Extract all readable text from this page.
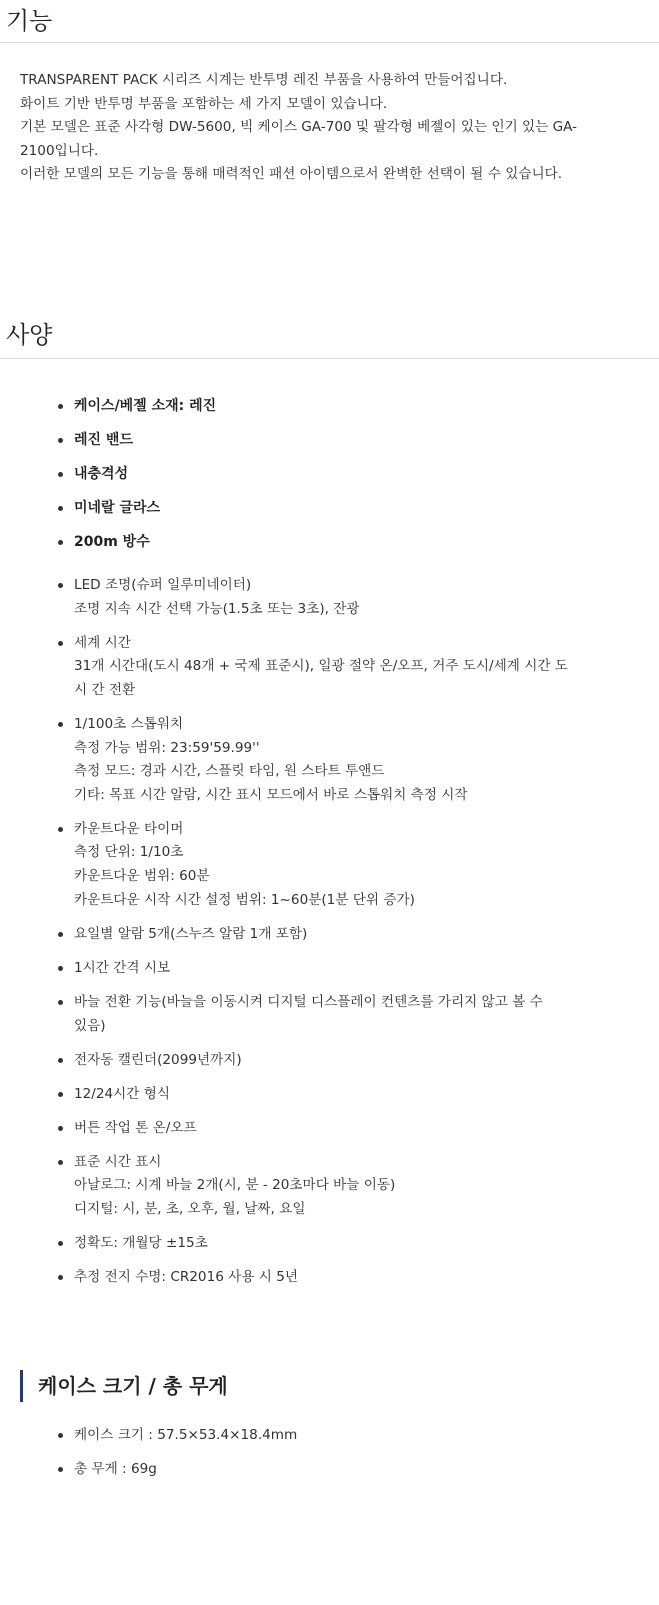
기능

TRANSPARENT PACK 시리즈 시계는 반투명 레진 부품을 사용하여 만들어집니다.

화이트 기반 반투명 부품을 포함하는 세 가지 모델이 있습니다.

기본 모델은 표준 사각형 DW-5600, 빅 케이스 GA-700 및 팔각형 베젤이 있는 인기 있는 GA-

2100입니다.

이러한 모델의 모든 기능을 통해 매력적인 패션 아이템으로서 완벽한 선택이 될 수 있습니다.

사양
케이스/베젤 소재: 레진
레진 밴드
내충격성
미네랄 글라스
200m 방수
LED 조명(슈퍼 일루미네이터)
조명 지속 시간 선택 가능(1.5초 또는 3초), 잔광
세계 시간
31개 시간대(도시 48개 + 국제 표준시), 일광 절약 온/오프, 거주 도시/세계 시간 도
시 간 전환
1/100초 스톱워치
측정 가능 범위: 23:59'59.99''
측정 모드: 경과 시간, 스플릿 타임, 원 스타트 투앤드
기타: 목표 시간 알람, 시간 표시 모드에서 바로 스톱워치 측정 시작
카운트다운 타이머
측정 단위: 1/10초
카운트다운 범위: 60분
카운트다운 시작 시간 설정 범위: 1~60분(1분 단위 증가)
요일별 알람 5개(스누즈 알람 1개 포함)
1시간 간격 시보
바늘 전환 기능(바늘을 이동시켜 디지털 디스플레이 컨텐츠를 가리지 않고 볼 수
있음)
전자동 캘린더(2099년까지)
12/24시간 형식
버튼 작업 톤 온/오프
표준 시간 표시
아날로그: 시계 바늘 2개(시, 분 - 20초마다 바늘 이동)
디지털: 시, 분, 초, 오후, 월, 날짜, 요일
정확도: 개월당 ±15초
추정 전지 수명: CR2016 사용 시 5년
케이스 크기 / 총 무게
케이스 크기 : 57.5×53.4×18.4mm
총 무게 : 69g
